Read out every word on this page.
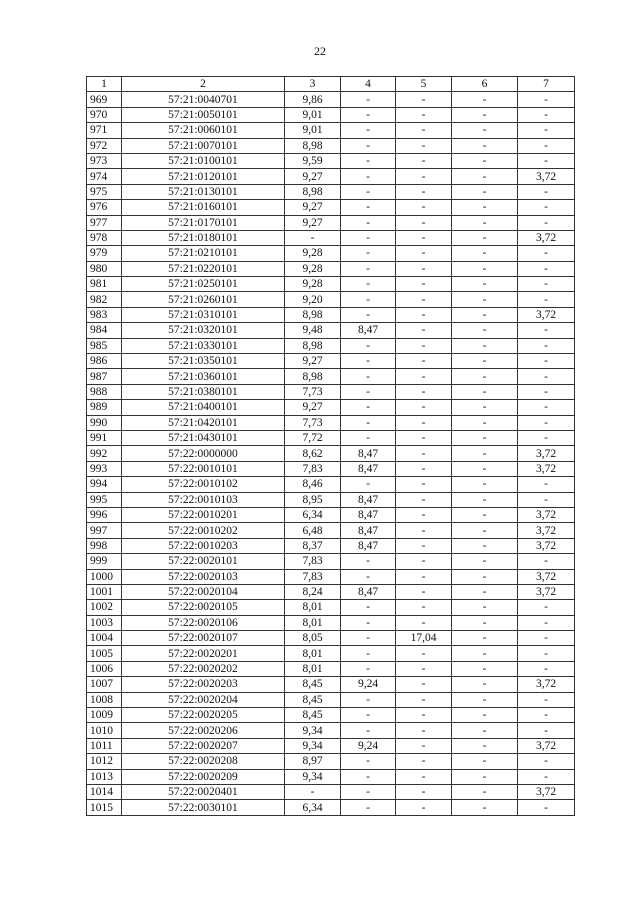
22
1	2	3	4	5	6	7
969	57:21:0040701	9,86	-	-	-	-
970	57:21:0050101	9,01	-	-	-	-
971	57:21:0060101	9,01	-	-	-	-
972	57:21:0070101	8,98	-	-	-	-
973	57:21:0100101	9,59	-	-	-	-
974	57:21:0120101	9,27	-	-	-	3,72
975	57:21:0130101	8,98	-	-	-	-
976	57:21:0160101	9,27	-	-	-	-
977	57:21:0170101	9,27	-	-	-	-
978	57:21:0180101	-	-	-	-	3,72
979	57:21:0210101	9,28	-	-	-	-
980	57:21:0220101	9,28	-	-	-	-
981	57:21:0250101	9,28	-	-	-	-
982	57:21:0260101	9,20	-	-	-	-
983	57:21:0310101	8,98	-	-	-	3,72
984	57:21:0320101	9,48	8,47	-	-	-
985	57:21:0330101	8,98	-	-	-	-
986	57:21:0350101	9,27	-	-	-	-
987	57:21:0360101	8,98	-	-	-	-
988	57:21:0380101	7,73	-	-	-	-
989	57:21:0400101	9,27	-	-	-	-
990	57:21:0420101	7,73	-	-	-	-
991	57:21:0430101	7,72	-	-	-	-
992	57:22:0000000	8,62	8,47	-	-	3,72
993	57:22:0010101	7,83	8,47	-	-	3,72
994	57:22:0010102	8,46	-	-	-	-
995	57:22:0010103	8,95	8,47	-	-	-
996	57:22:0010201	6,34	8,47	-	-	3,72
997	57:22:0010202	6,48	8,47	-	-	3,72
998	57:22:0010203	8,37	8,47	-	-	3,72
999	57:22:0020101	7,83	-	-	-	-
1000	57:22:0020103	7,83	-	-	-	3,72
1001	57:22:0020104	8,24	8,47	-	-	3,72
1002	57:22:0020105	8,01	-	-	-	-
1003	57:22:0020106	8,01	-	-	-	-
1004	57:22:0020107	8,05	-	17,04	-	-
1005	57:22:0020201	8,01	-	-	-	-
1006	57:22:0020202	8,01	-	-	-	-
1007	57:22:0020203	8,45	9,24	-	-	3,72
1008	57:22:0020204	8,45	-	-	-	-
1009	57:22:0020205	8,45	-	-	-	-
1010	57:22:0020206	9,34	-	-	-	-
1011	57:22:0020207	9,34	9,24	-	-	3,72
1012	57:22:0020208	8,97	-	-	-	-
1013	57:22:0020209	9,34	-	-	-	-
1014	57:22:0020401	-	-	-	-	3,72
1015	57:22:0030101	6,34	-	-	-	-
